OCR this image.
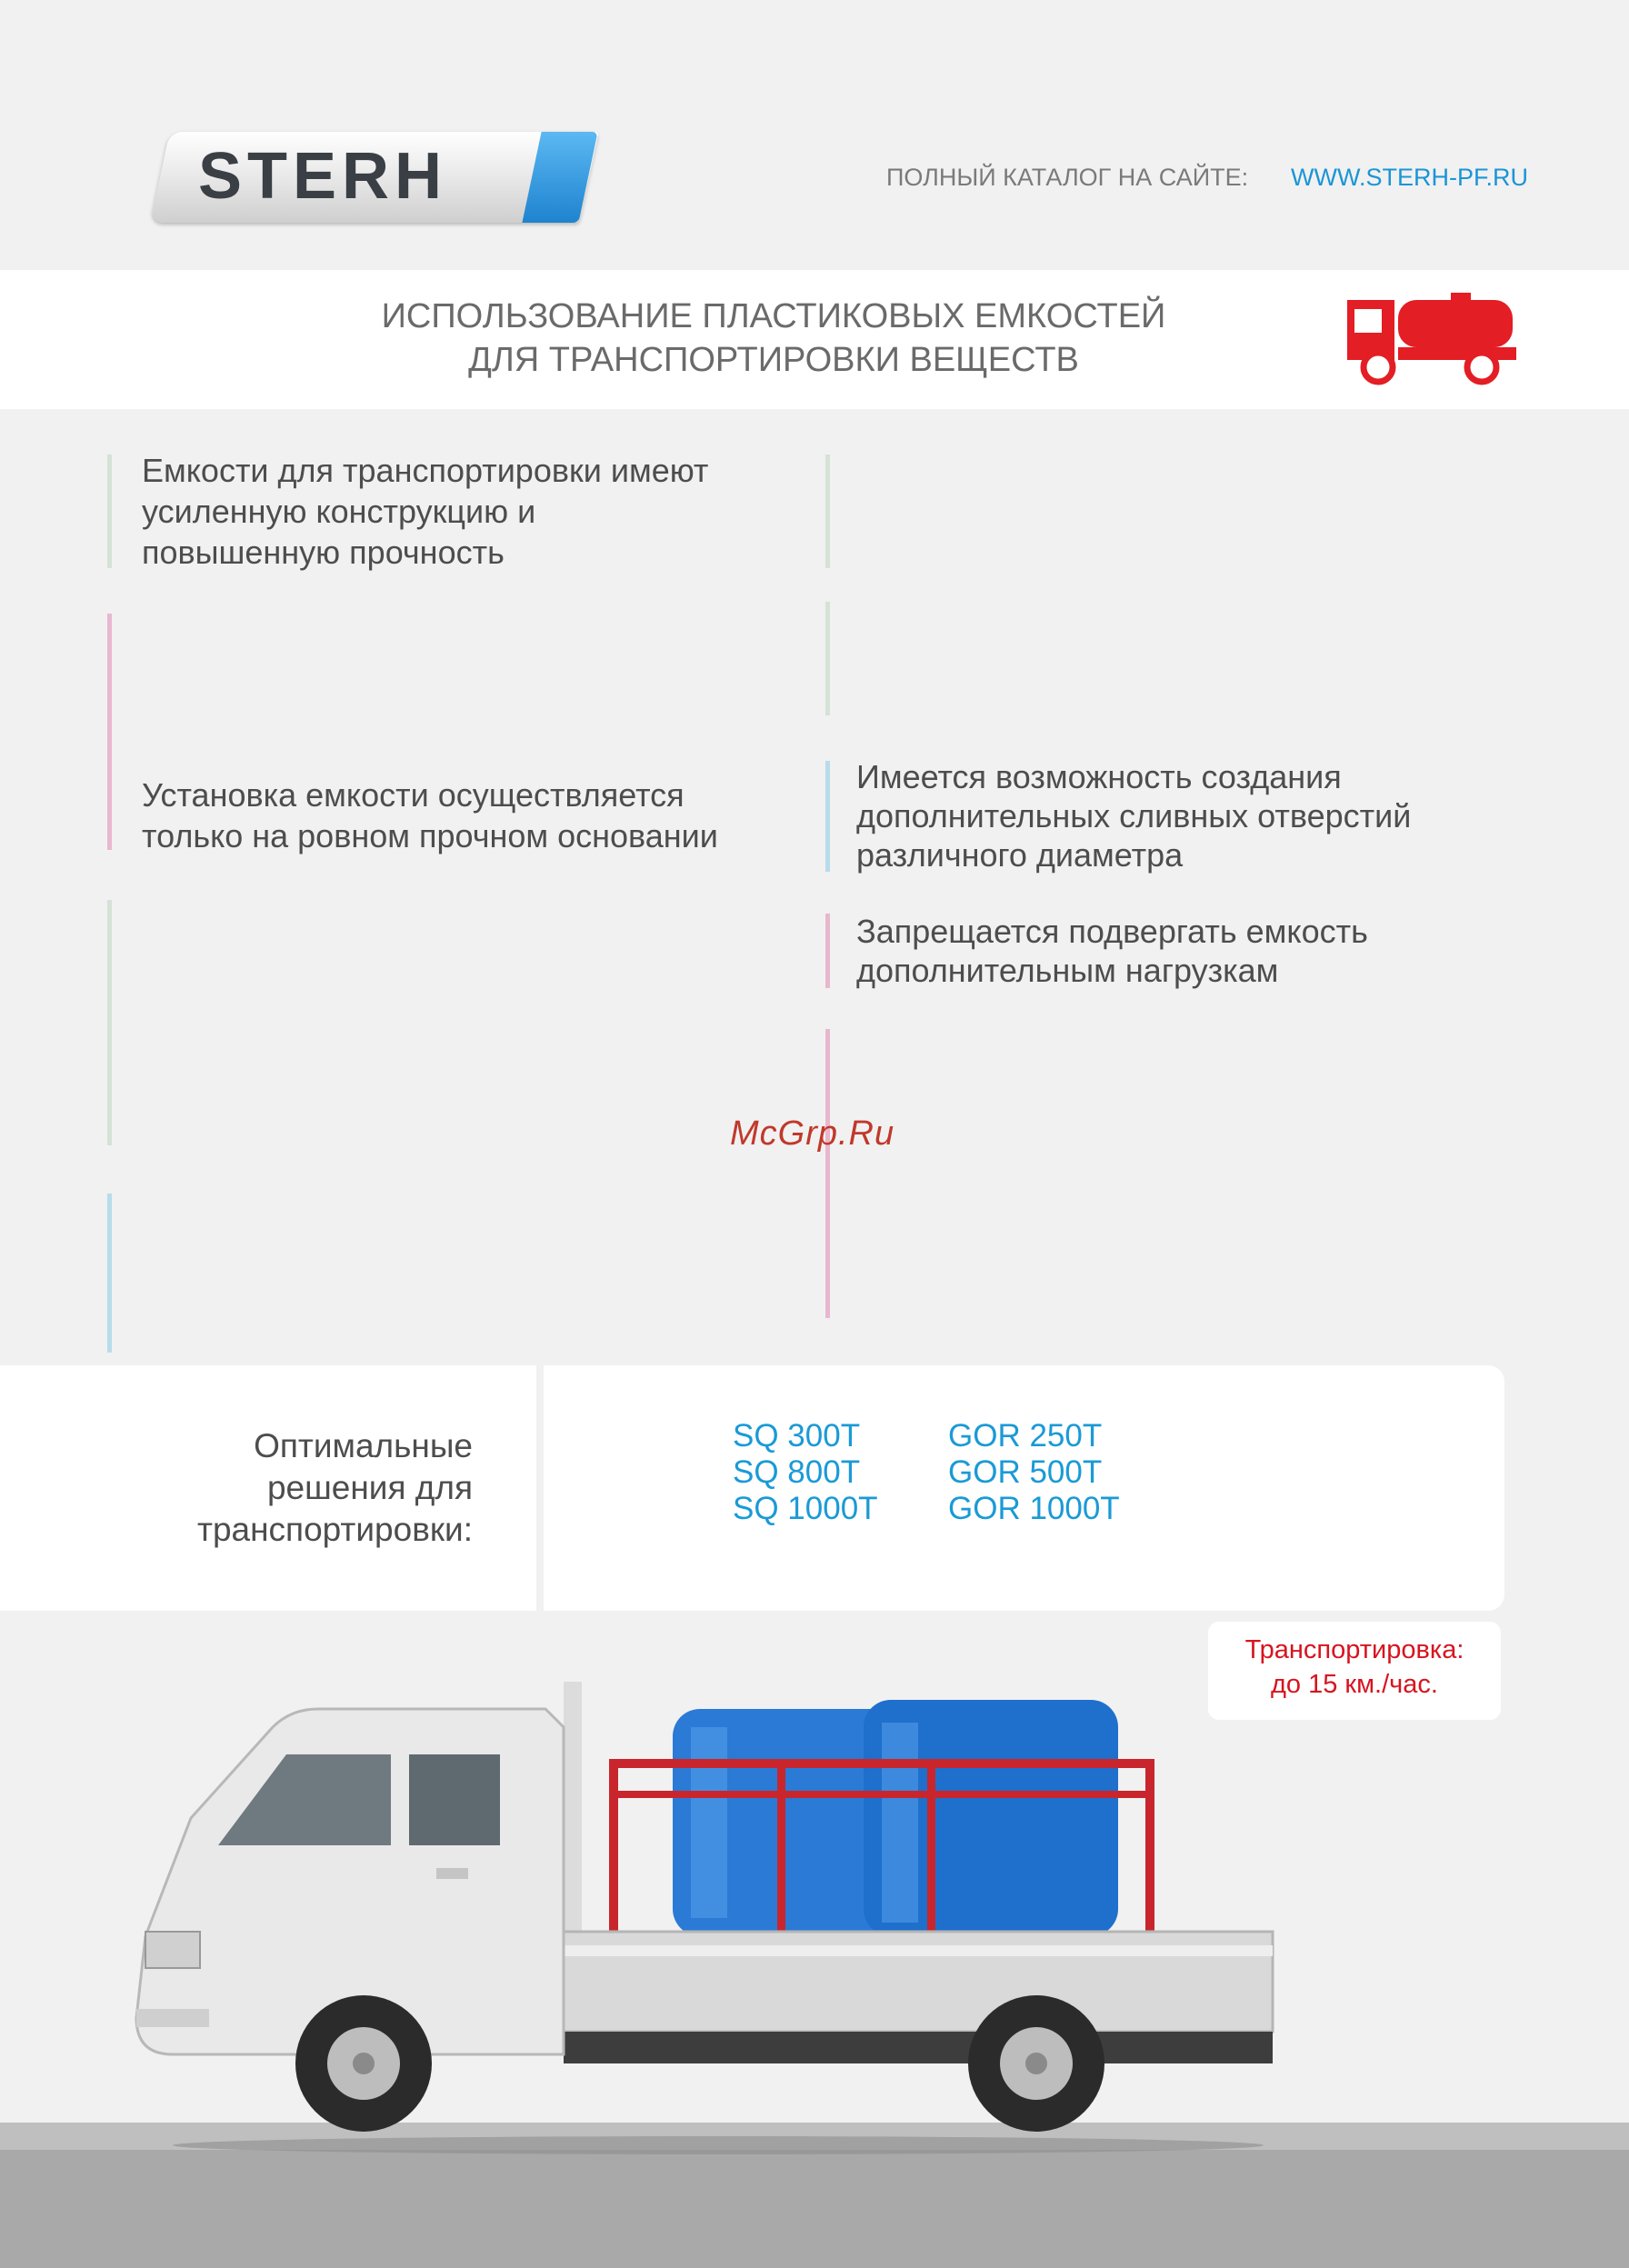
STERH	ПОЛНЫЙ КАТАЛОГ НА САЙТЕ: WWW.STERH-PF.RU
ИСПОЛЬЗОВАНИЕ ПЛАСТИКОВЫХ ЕМКОСТЕЙ
ДЛЯ ТРАНСПОРТИРОВКИ ВЕЩЕСТВ
Емкости для транспортировки имеют
усиленную конструкцию и
повышенную прочность
Установка емкости осуществляется
только на ровном прочном основании
Имеется возможность создания
дополнительных сливных отверстий
различного диаметра
Запрещается подвергать емкость
дополнительным нагрузкам
McGrp.Ru
Оптимальные
решения для
транспортировки:
SQ 300T
SQ 800T
SQ 1000T
GOR 250T
GOR 500T
GOR 1000T
Транспортировка:
до 15 км./час.
